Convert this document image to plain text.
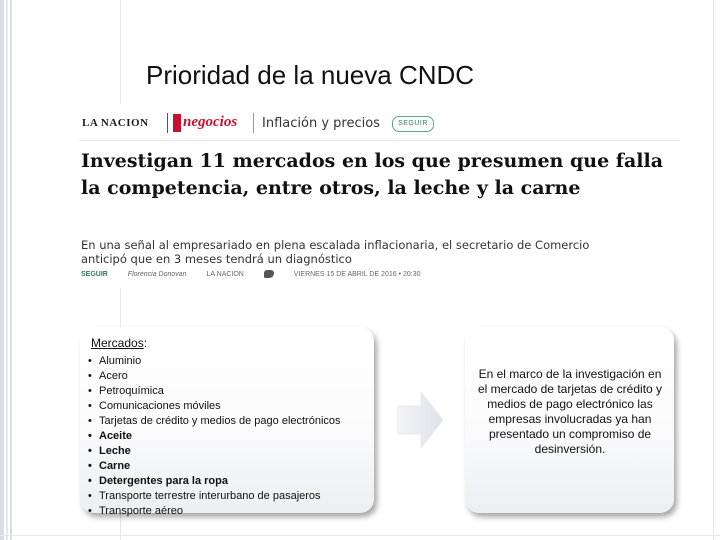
Prioridad de la nueva CNDC
LA NACION negocios Inflación y precios	SEGUIR
Investigan 11 mercados en los que presumen que falla la competencia, entre otros, la leche y la carne
En una señal al empresariado en plena escalada inflacionaria, el secretario de Comercio
anticipó que en 3 meses tendrá un diagnóstico
SEGUIR	Florencia Donovan	LA NACION	VIERNES 15 DE ABRIL DE 2016 • 20:30
Mercados:
• Aluminio
• Acero
• Petroquímica
• Comunicaciones móviles
• Tarjetas de crédito y medios de pago electrónicos
• Aceite
• Leche
• Carne
• Detergentes para la ropa
• Transporte terrestre interurbano de pasajeros
• Transporte aéreo
En el marco de la investigación en el mercado de tarjetas de crédito y medios de pago electrónico las empresas involucradas ya han presentado un compromiso de desinversión.
